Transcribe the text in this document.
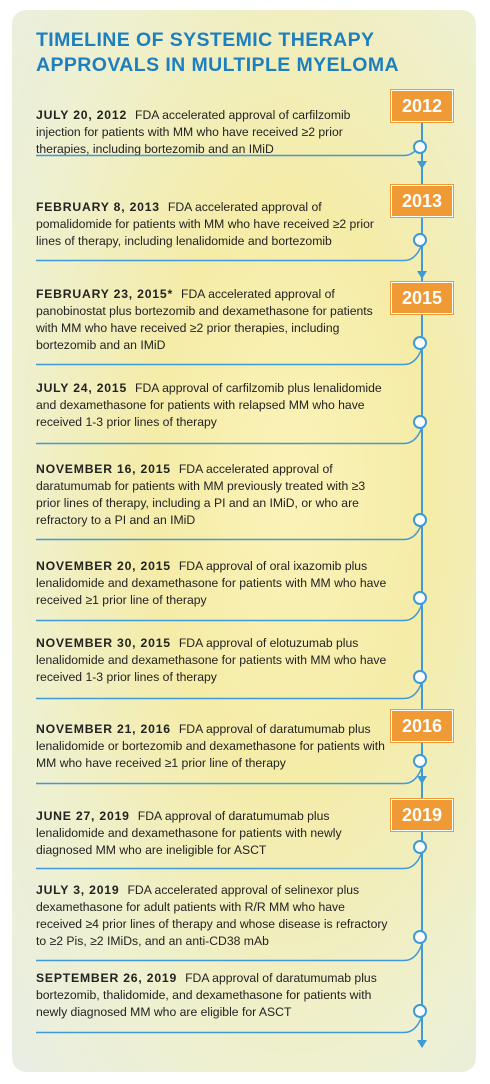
TIMELINE OF SYSTEMIC THERAPY APPROVALS IN MULTIPLE MYELOMA
2012
2013
2015
2016
2019
JULY 20, 2012 FDA accelerated approval of carfilzomib injection for patients with MM who have received ≥2 prior therapies, including bortezomib and an IMiD
FEBRUARY 8, 2013 FDA accelerated approval of pomalidomide for patients with MM who have received ≥2 prior lines of therapy, including lenalidomide and bortezomib
FEBRUARY 23, 2015* FDA accelerated approval of panobinostat plus bortezomib and dexamethasone for patients with MM who have received ≥2 prior therapies, including bortezomib and an IMiD
JULY 24, 2015 FDA approval of carfilzomib plus lenalidomide and dexamethasone for patients with relapsed MM who have received 1-3 prior lines of therapy
NOVEMBER 16, 2015 FDA accelerated approval of daratumumab for patients with MM previously treated with ≥3 prior lines of therapy, including a PI and an IMiD, or who are refractory to a PI and an IMiD
NOVEMBER 20, 2015 FDA approval of oral ixazomib plus lenalidomide and dexamethasone for patients with MM who have received ≥1 prior line of therapy
NOVEMBER 30, 2015 FDA approval of elotuzumab plus lenalidomide and dexamethasone for patients with MM who have received 1-3 prior lines of therapy
NOVEMBER 21, 2016 FDA approval of daratumumab plus lenalidomide or bortezomib and dexamethasone for patients with MM who have received ≥1 prior line of therapy
JUNE 27, 2019 FDA approval of daratumumab plus lenalidomide and dexamethasone for patients with newly diagnosed MM who are ineligible for ASCT
JULY 3, 2019 FDA accelerated approval of selinexor plus dexamethasone for adult patients with R/R MM who have received ≥4 prior lines of therapy and whose disease is refractory to ≥2 Pis, ≥2 IMiDs, and an anti-CD38 mAb
SEPTEMBER 26, 2019 FDA approval of daratumumab plus bortezomib, thalidomide, and dexamethasone for patients with newly diagnosed MM who are eligible for ASCT
